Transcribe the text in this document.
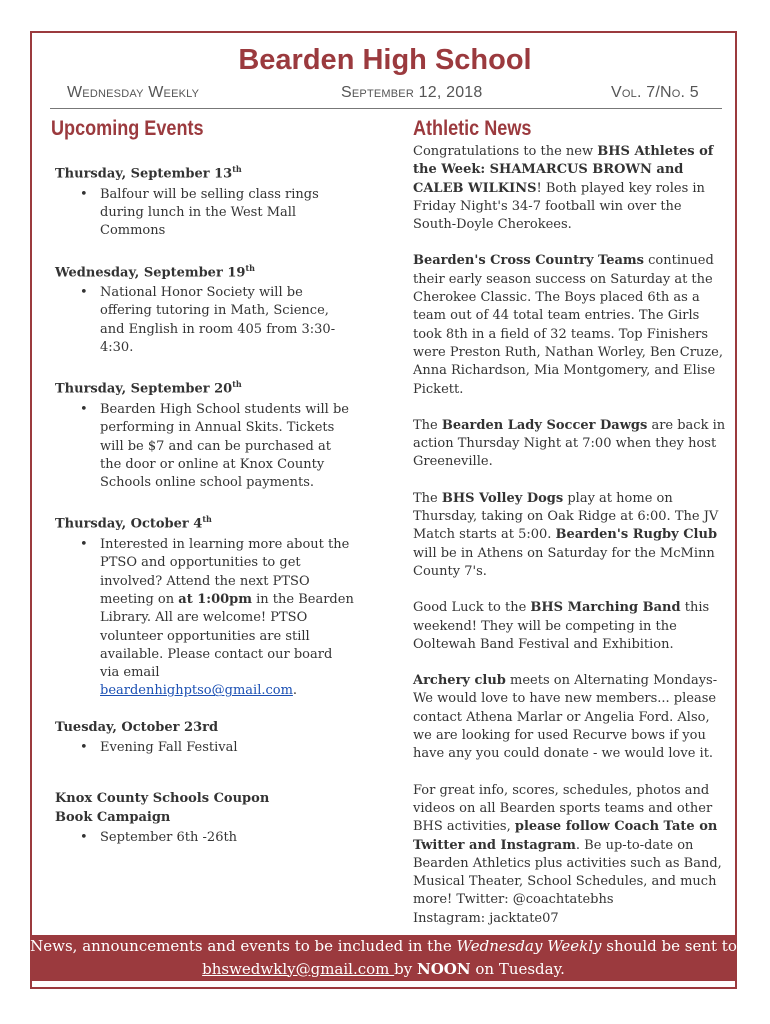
Bearden High School
Wednesday Weekly	September 12, 2018	Vol. 7/No. 5
Upcoming Events	Athletic News
Thursday, September 13th
• Balfour will be selling class rings during lunch in the West Mall Commons
Wednesday, September 19th
• National Honor Society will be offering tutoring in Math, Science, and English in room 405 from 3:30-4:30.
Thursday, September 20th
• Bearden High School students will be performing in Annual Skits. Tickets will be $7 and can be purchased at the door or online at Knox County Schools online school payments.
Thursday, October 4th
• Interested in learning more about the PTSO and opportunities to get involved? Attend the next PTSO meeting on at 1:00pm in the Bearden Library. All are welcome! PTSO volunteer opportunities are still available. Please contact our board via email beardenhighptso@gmail.com.
Tuesday, October 23rd
• Evening Fall Festival
Knox County Schools Coupon Book Campaign
• September 6th -26th

Congratulations to the new BHS Athletes of the Week: SHAMARCUS BROWN and CALEB WILKINS! Both played key roles in Friday Night's 34-7 football win over the South-Doyle Cherokees.

Bearden's Cross Country Teams continued their early season success on Saturday at the Cherokee Classic. The Boys placed 6th as a team out of 44 total team entries. The Girls took 8th in a field of 32 teams. Top Finishers were Preston Ruth, Nathan Worley, Ben Cruze, Anna Richardson, Mia Montgomery, and Elise Pickett.

The Bearden Lady Soccer Dawgs are back in action Thursday Night at 7:00 when they host Greeneville.

The BHS Volley Dogs play at home on Thursday, taking on Oak Ridge at 6:00. The JV Match starts at 5:00. Bearden's Rugby Club will be in Athens on Saturday for the McMinn County 7's.

Good Luck to the BHS Marching Band this weekend! They will be competing in the Ooltewah Band Festival and Exhibition.

Archery club meets on Alternating Mondays- We would love to have new members... please contact Athena Marlar or Angelia Ford. Also, we are looking for used Recurve bows if you have any you could donate - we would love it.

For great info, scores, schedules, photos and videos on all Bearden sports teams and other BHS activities, please follow Coach Tate on Twitter and Instagram. Be up-to-date on Bearden Athletics plus activities such as Band, Musical Theater, School Schedules, and much more! Twitter: @coachtatebhs
Instagram: jacktate07

News, announcements and events to be included in the Wednesday Weekly should be sent to bhswedwkly@gmail.com by NOON on Tuesday.
